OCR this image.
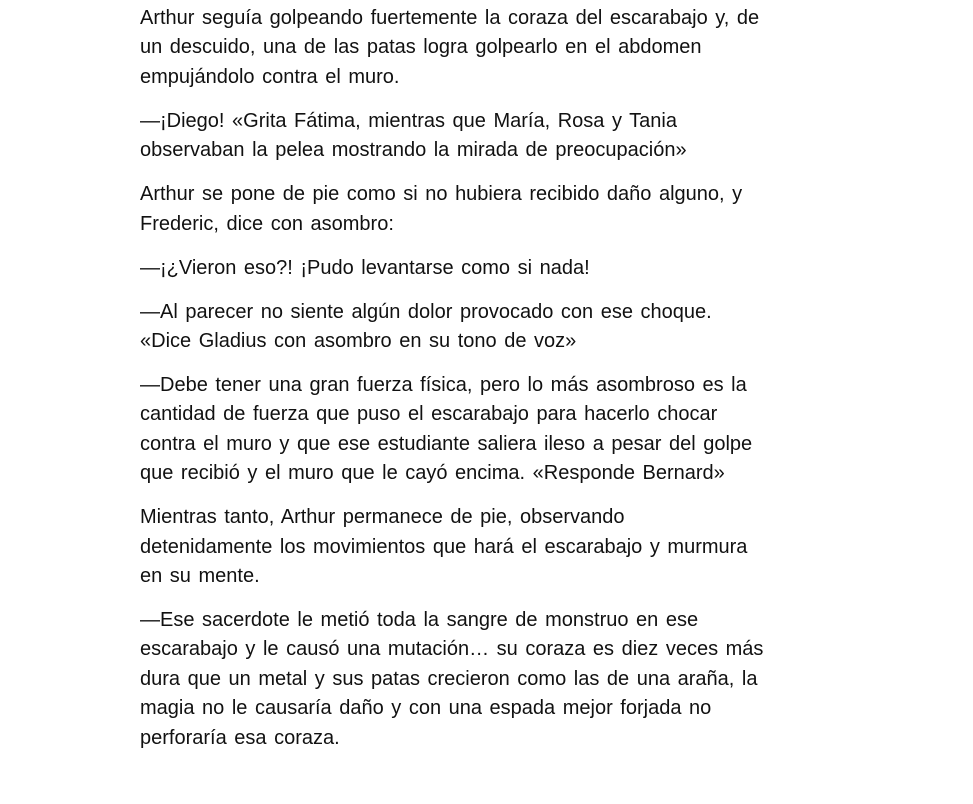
Arthur seguía golpeando fuertemente la coraza del escarabajo y, de
un descuido, una de las patas logra golpearlo en el abdomen
empujándolo contra el muro.

—¡Diego! «Grita Fátima, mientras que María, Rosa y Tania
observaban la pelea mostrando la mirada de preocupación»

Arthur se pone de pie como si no hubiera recibido daño alguno, y
Frederic, dice con asombro:

—¡¿Vieron eso?! ¡Pudo levantarse como si nada!

—Al parecer no siente algún dolor provocado con ese choque.
«Dice Gladius con asombro en su tono de voz»

—Debe tener una gran fuerza física, pero lo más asombroso es la
cantidad de fuerza que puso el escarabajo para hacerlo chocar
contra el muro y que ese estudiante saliera ileso a pesar del golpe
que recibió y el muro que le cayó encima. «Responde Bernard»

Mientras tanto, Arthur permanece de pie, observando
detenidamente los movimientos que hará el escarabajo y murmura
en su mente.

—Ese sacerdote le metió toda la sangre de monstruo en ese
escarabajo y le causó una mutación… su coraza es diez veces más
dura que un metal y sus patas crecieron como las de una araña, la
magia no le causaría daño y con una espada mejor forjada no
perforaría esa coraza.
